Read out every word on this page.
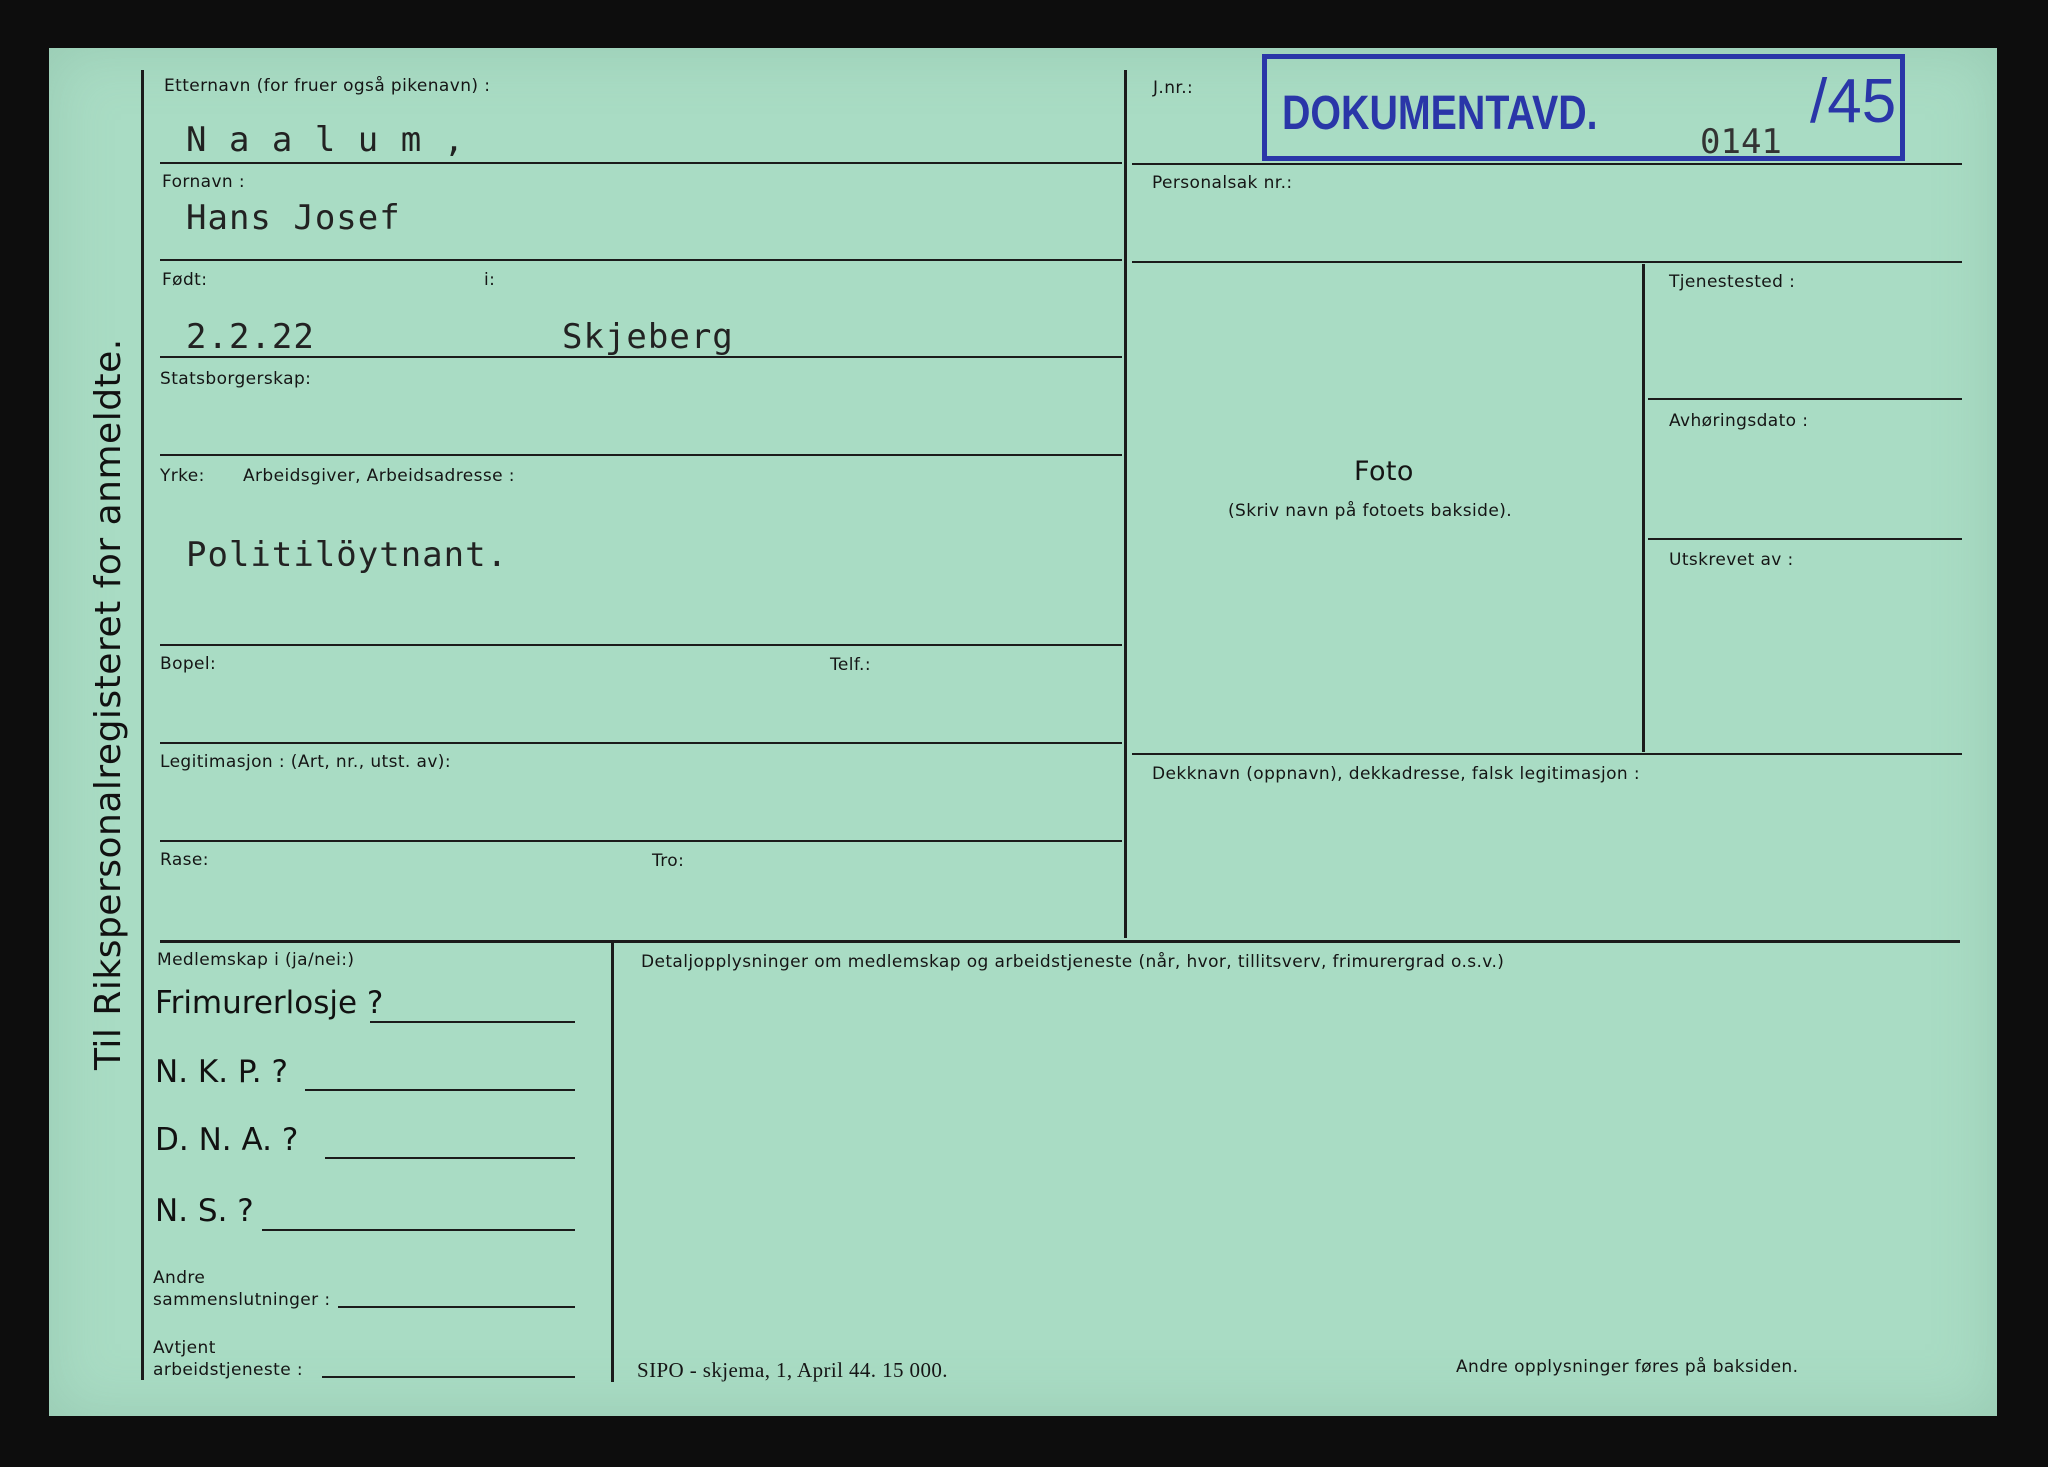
Til Rikspersonalregisteret for anmeldte.
Etternavn (for fruer også pikenavn) :
N a a l u m ,
Fornavn :
Hans Josef
Født:	i:
2.2.22	Skjeberg
Statsborgerskap:
Yrke: Arbeidsgiver, Arbeidsadresse :
Politilöytnant.
Bopel:	Telf.:
Legitimasjon : (Art, nr., utst. av):
Rase:	Tro:
J.nr.:
Personalsak nr.:
Tjenestested :
Avhøringsdato :
Utskrevet av :
Foto
(Skriv navn på fotoets bakside).
Dekknavn (oppnavn), dekkadresse, falsk legitimasjon :
DOKUMENTAVD.	/45
0141
Medlemskap i (ja/nei:)
Frimurerlosje ?
N. K. P. ?
D. N. A. ?
N. S. ?
Andre
sammenslutninger :
Avtjent
arbeidstjeneste :
Detaljopplysninger om medlemskap og arbeidstjeneste (når, hvor, tillitsverv, frimurergrad o.s.v.)
SIPO - skjema, 1, April 44. 15 000.	Andre opplysninger føres på baksiden.
